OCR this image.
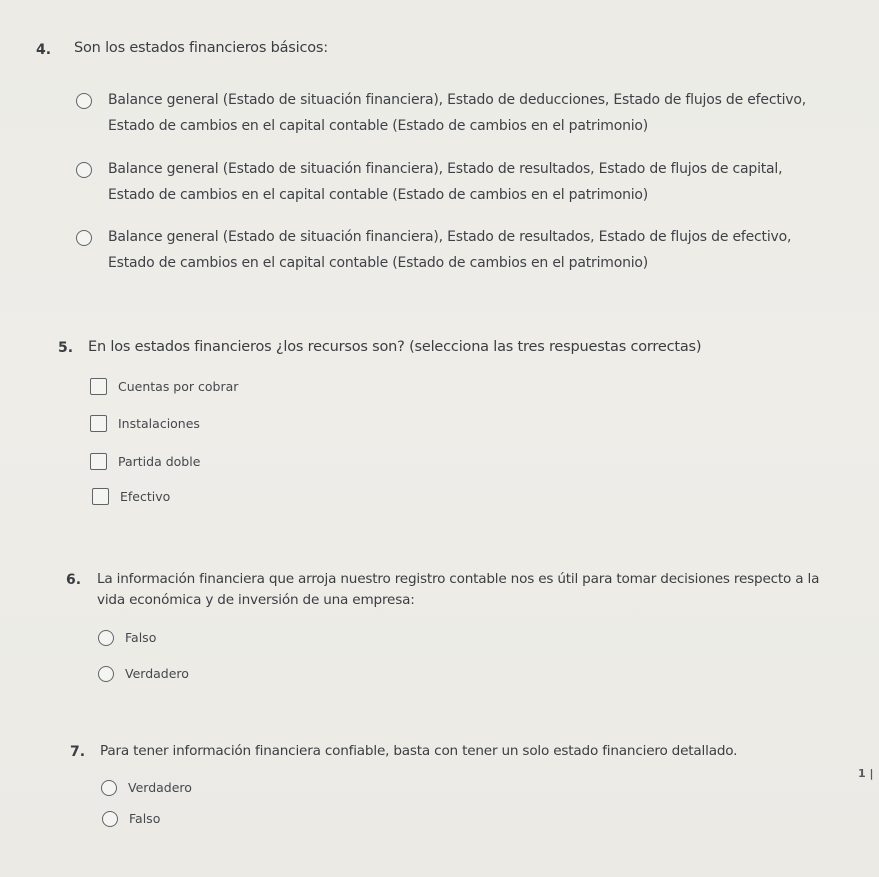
4. Son los estados financieros básicos:
Balance general (Estado de situación financiera), Estado de deducciones, Estado de flujos de efectivo,
Estado de cambios en el capital contable (Estado de cambios en el patrimonio)
Balance general (Estado de situación financiera), Estado de resultados, Estado de flujos de capital,
Estado de cambios en el capital contable (Estado de cambios en el patrimonio)
Balance general (Estado de situación financiera), Estado de resultados, Estado de flujos de efectivo,
Estado de cambios en el capital contable (Estado de cambios en el patrimonio)
5. En los estados financieros ¿los recursos son? (selecciona las tres respuestas correctas)
Cuentas por cobrar
Instalaciones
Partida doble
Efectivo
6. La información financiera que arroja nuestro registro contable nos es útil para tomar decisiones respecto a la
vida económica y de inversión de una empresa:
Falso
Verdadero
7. Para tener información financiera confiable, basta con tener un solo estado financiero detallado.
Verdadero
Falso
1 |
